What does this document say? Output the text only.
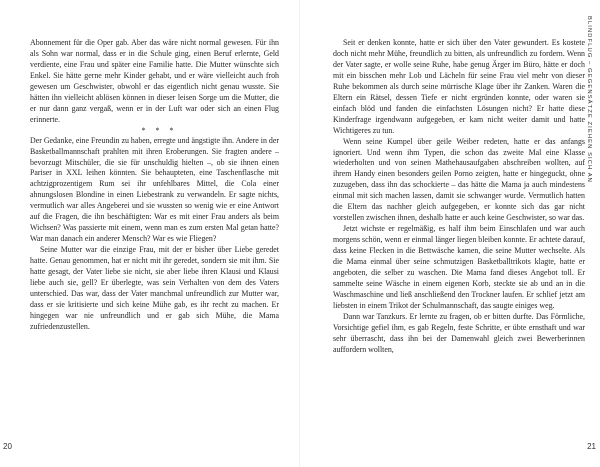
Abonnement für die Oper gab. Aber das wäre nicht normal gewesen. Für ihn als Sohn war normal, dass er in die Schule ging, einen Beruf erlernte, Geld verdiente, eine Frau und später eine Familie hatte. Die Mutter wünschte sich Enkel. Sie hätte gerne mehr Kinder gehabt, und er wäre vielleicht auch froh gewesen um Geschwister, obwohl er das eigentlich nicht genau wusste. Sie hätten ihn vielleicht ablösen können in dieser leisen Sorge um die Mutter, die er nur dann ganz vergaß, wenn er in der Luft war oder sich an einen Flug erinnerte.

* * *

Der Gedanke, eine Freundin zu haben, erregte und ängstigte ihn. Andere in der Basketballmannschaft prahlten mit ihren Eroberungen. Sie fragten andere – bevorzugt Mitschüler, die sie für unschuldig hielten –, ob sie ihnen einen Pariser in XXL leihen könnten. Sie behaupteten, eine Taschenflasche mit achtzigprozentigem Rum sei ihr unfehlbares Mittel, die Cola einer ahnungslosen Blondine in einen Liebestrank zu verwandeln. Er sagte nichts, vermutlich war alles Angeberei und sie wussten so wenig wie er eine Antwort auf die Fragen, die ihn beschäftigten: War es mit einer Frau anders als beim Wichsen? Was passierte mit einem, wenn man es zum ersten Mal getan hatte? War man danach ein anderer Mensch? War es wie Fliegen?

Seine Mutter war die einzige Frau, mit der er bisher über Liebe geredet hatte. Genau genommen, hat er nicht mit ihr geredet, sondern sie mit ihm. Sie hatte gesagt, der Vater liebe sie nicht, sie aber liebe ihren Klausi und Klausi liebe auch sie, gell? Er überlegte, was sein Verhalten von dem des Vaters unterschied. Das war, dass der Vater manchmal unfreundlich zur Mutter war, dass er sie kritisierte und sich keine Mühe gab, es ihr recht zu machen. Er hingegen war nie unfreundlich und er gab sich Mühe, die Mama zufriedenzustellen.

20
BLINDFLUG – GEGENSÄTZE ZIEHEN SICH AN

Seit er denken konnte, hatte er sich über den Vater gewundert. Es kostete doch nicht mehr Mühe, freundlich zu bitten, als unfreundlich zu fordern. Wenn der Vater sagte, er wolle seine Ruhe, habe genug Ärger im Büro, hätte er doch mit ein bisschen mehr Lob und Lächeln für seine Frau viel mehr von dieser Ruhe bekommen als durch seine mürrische Klage über ihr Zanken. Waren die Eltern ein Rätsel, dessen Tiefe er nicht ergründen konnte, oder waren sie einfach blöd und fanden die einfachsten Lösungen nicht? Er hatte diese Kinderfrage irgendwann aufgegeben, er kam nicht weiter damit und hatte Wichtigeres zu tun.

Wenn seine Kumpel über geile Weiber redeten, hatte er das anfangs ignoriert. Und wenn ihm Typen, die schon das zweite Mal eine Klasse wiederholten und von seinen Mathehausaufgaben abschreiben wollten, auf ihrem Handy einen besonders geilen Porno zeigten, hatte er hingeguckt, ohne zuzugeben, dass ihn das schockierte – das hätte die Mama ja auch mindestens einmal mit sich machen lassen, damit sie schwanger wurde. Vermutlich hatten die Eltern das nachher gleich aufgegeben, er konnte sich das gar nicht vorstellen zwischen ihnen, deshalb hatte er auch keine Geschwister, so war das.

Jetzt wichste er regelmäßig, es half ihm beim Einschlafen und war auch morgens schön, wenn er einmal länger liegen bleiben konnte. Er achtete darauf, dass keine Flecken in die Bettwäsche kamen, die seine Mutter wechselte. Als die Mama einmal über seine schmutzigen Basketballtrikots klagte, hatte er angeboten, die selber zu waschen. Die Mama fand dieses Angebot toll. Er sammelte seine Wäsche in einem eigenen Korb, steckte sie ab und an in die Waschmaschine und ließ anschließend den Trockner laufen. Er schlief jetzt am liebsten in einem Trikot der Schulmannschaft, das saugte einiges weg.

Dann war Tanzkurs. Er lernte zu fragen, ob er bitten durfte. Das Förmliche, Vorsichtige gefiel ihm, es gab Regeln, feste Schritte, er übte ernsthaft und war sehr überrascht, dass ihn bei der Damenwahl gleich zwei Bewerberinnen auffordern wollten,

21
